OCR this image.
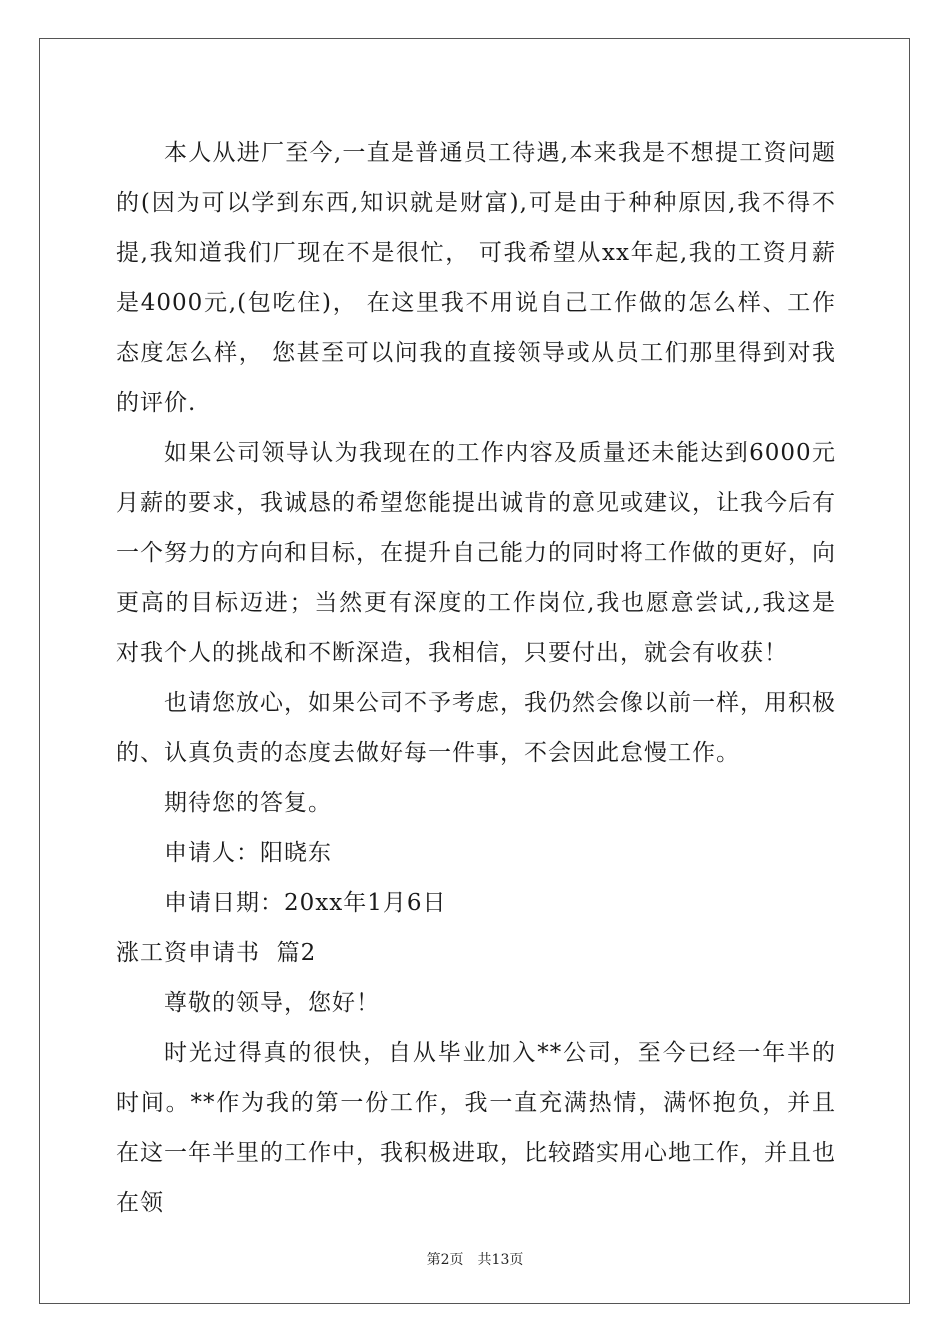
本人从进厂至今,一直是普通员工待遇,本来我是不想提工资问题的(因为可以学到东西,知识就是财富),可是由于种种原因,我不得不提,我知道我们厂现在不是很忙， 可我希望从xx年起,我的工资月薪是4000元,(包吃住)， 在这里我不用说自己工作做的怎么样、工作态度怎么样， 您甚至可以问我的直接领导或从员工们那里得到对我的评价.

如果公司领导认为我现在的工作内容及质量还未能达到6000元月薪的要求，我诚恳的希望您能提出诚肯的意见或建议，让我今后有一个努力的方向和目标，在提升自己能力的同时将工作做的更好，向更高的目标迈进；当然更有深度的工作岗位,我也愿意尝试,,我这是对我个人的挑战和不断深造，我相信，只要付出，就会有收获！

也请您放心，如果公司不予考虑，我仍然会像以前一样，用积极的、认真负责的态度去做好每一件事，不会因此怠慢工作。

期待您的答复。

申请人：阳晓东

申请日期：20xx年1月6日

涨工资申请书  篇2

尊敬的领导，您好！

时光过得真的很快，自从毕业加入**公司，至今已经一年半的时间。**作为我的第一份工作，我一直充满热情，满怀抱负，并且在这一年半里的工作中，我积极进取，比较踏实用心地工作，并且也在领

第2页　共13页
